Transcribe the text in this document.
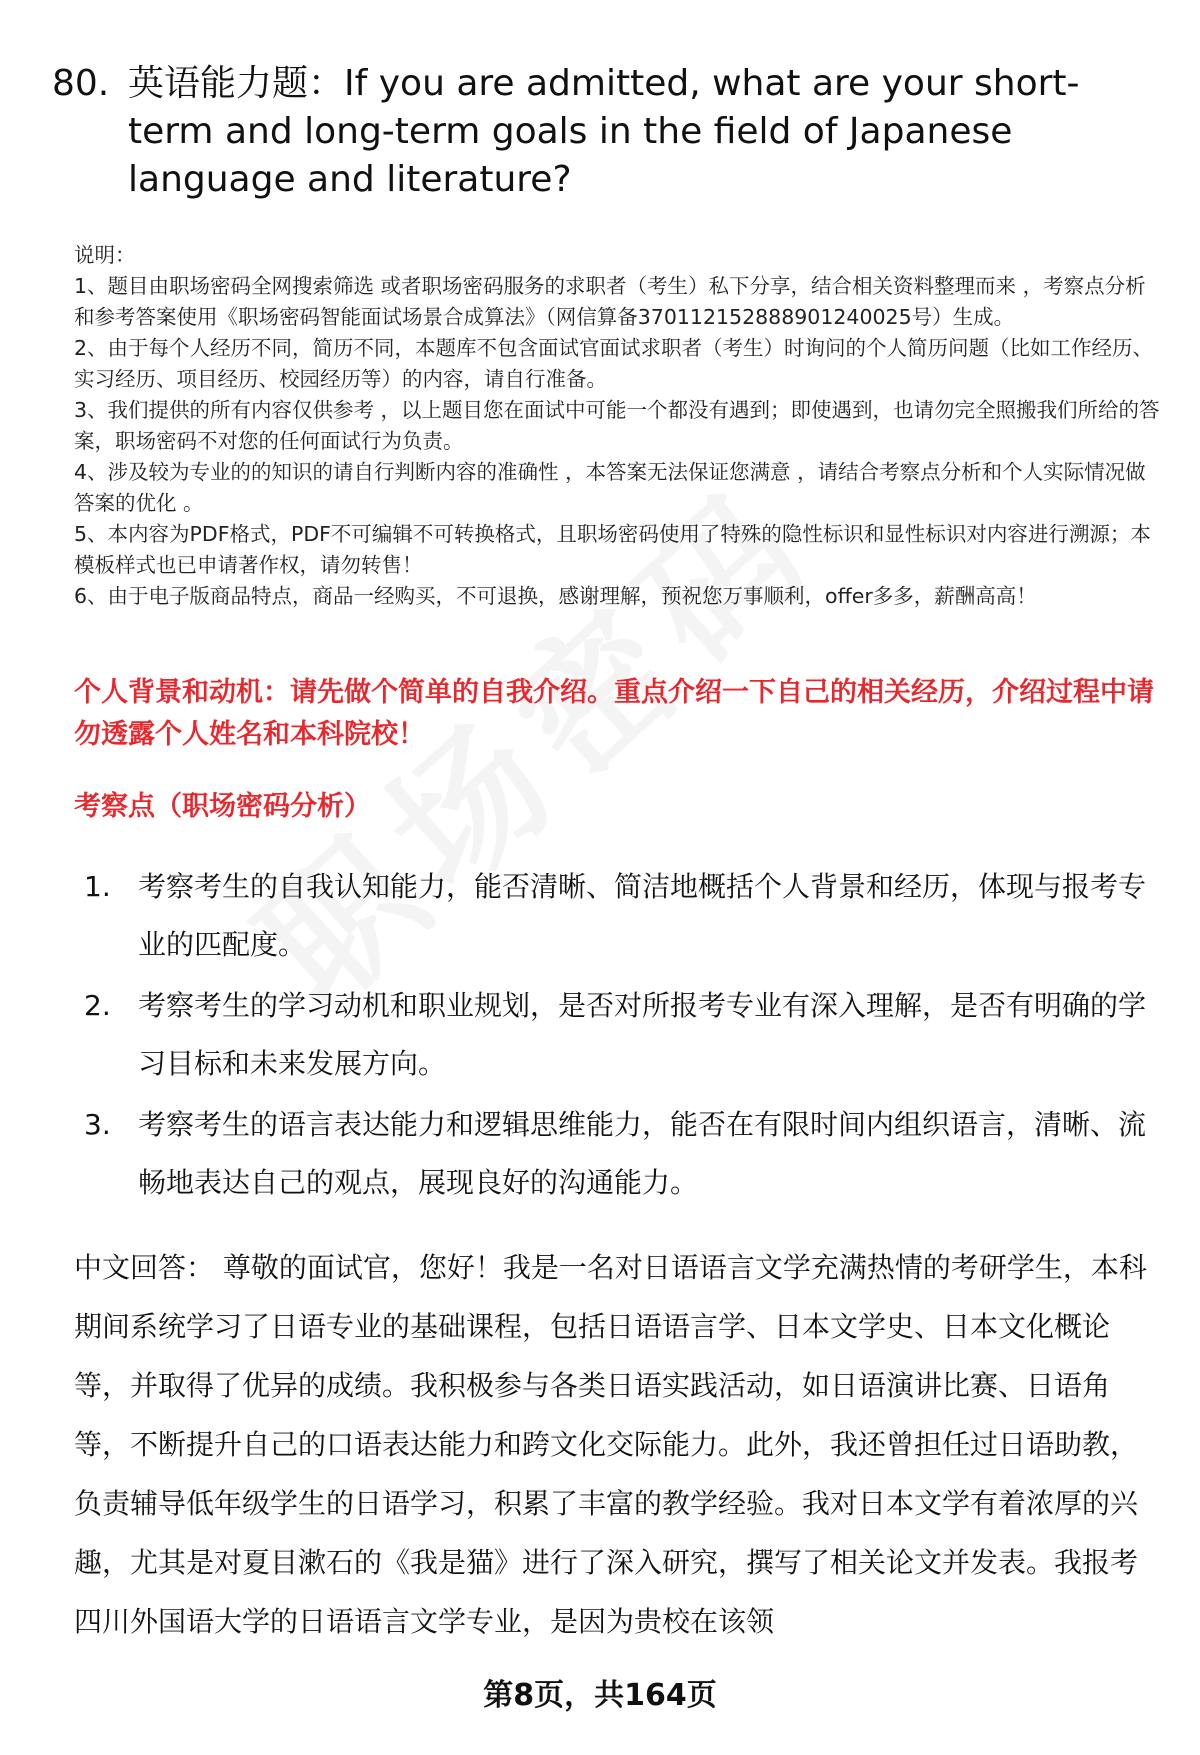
80. 英语能力题：If you are admitted, what are your short-term and long-term goals in the field of Japanese language and literature?

说明：

1、题目由职场密码全网搜索筛选 或者职场密码服务的求职者（考生）私下分享，结合相关资料整理而来 ，考察点分析和参考答案使用《职场密码智能面试场景合成算法》（网信算备370112152888901240025号）生成。

2、由于每个人经历不同，简历不同，本题库不包含面试官面试求职者（考生）时询问的个人简历问题（比如工作经历、实习经历、项目经历、校园经历等）的内容，请自行准备。

3、我们提供的所有内容仅供参考 ，以上题目您在面试中可能一个都没有遇到；即使遇到，也请勿完全照搬我们所给的答案，职场密码不对您的任何面试行为负责。

4、涉及较为专业的的知识的请自行判断内容的准确性 ，本答案无法保证您满意 ，请结合考察点分析和个人实际情况做答案的优化 。

5、本内容为PDF格式，PDF不可编辑不可转换格式，且职场密码使用了特殊的隐性标识和显性标识对内容进行溯源；本模板样式也已申请著作权，请勿转售！

6、由于电子版商品特点，商品一经购买，不可退换，感谢理解，预祝您万事顺利，offer多多，薪酬高高！

个人背景和动机：请先做个简单的自我介绍。重点介绍一下自己的相关经历，介绍过程中请勿透露个人姓名和本科院校！
考察点（职场密码分析）
1. 考察考生的自我认知能力，能否清晰、简洁地概括个人背景和经历，体现与报考专业的匹配度。
2. 考察考生的学习动机和职业规划，是否对所报考专业有深入理解，是否有明确的学习目标和未来发展方向。
3. 考察考生的语言表达能力和逻辑思维能力，能否在有限时间内组织语言，清晰、流畅地表达自己的观点，展现良好的沟通能力。

中文回答： 尊敬的面试官，您好！我是一名对日语语言文学充满热情的考研学生，本科期间系统学习了日语专业的基础课程，包括日语语言学、日本文学史、日本文化概论等，并取得了优异的成绩。我积极参与各类日语实践活动，如日语演讲比赛、日语角等，不断提升自己的口语表达能力和跨文化交际能力。此外，我还曾担任过日语助教，负责辅导低年级学生的日语学习，积累了丰富的教学经验。我对日本文学有着浓厚的兴趣，尤其是对夏目漱石的《我是猫》进行了深入研究，撰写了相关论文并发表。我报考四川外国语大学的日语语言文学专业，是因为贵校在该领

第8页，共164页
